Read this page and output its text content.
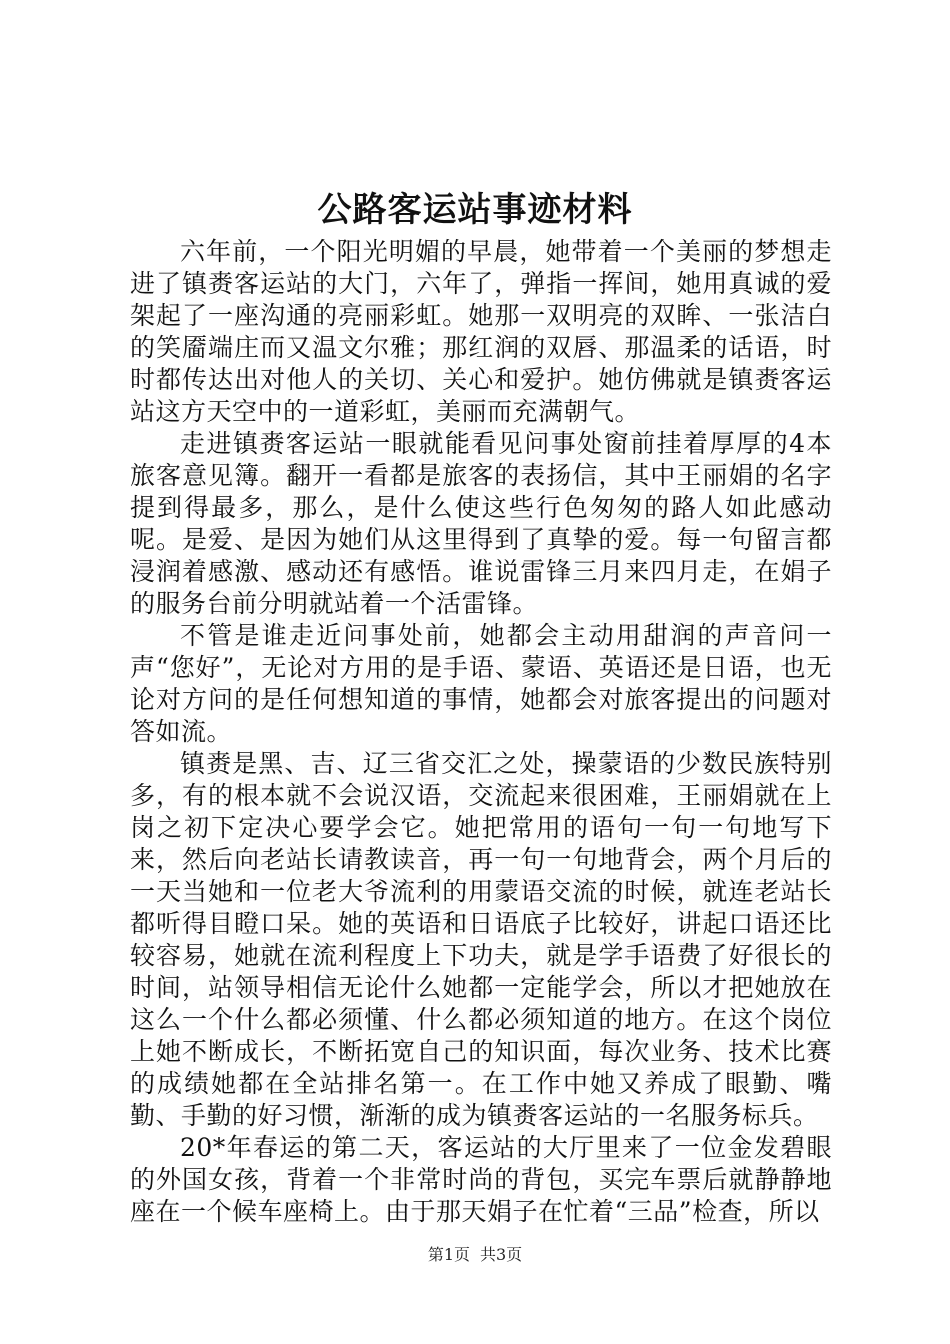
公路客运站事迹材料

六年前，一个阳光明媚的早晨，她带着一个美丽的梦想走进了镇赉客运站的大门，六年了，弹指一挥间，她用真诚的爱架起了一座沟通的亮丽彩虹。她那一双明亮的双眸、一张洁白的笑靥端庄而又温文尔雅；那红润的双唇、那温柔的话语，时时都传达出对他人的关切、关心和爱护。她仿佛就是镇赉客运站这方天空中的一道彩虹，美丽而充满朝气。

走进镇赉客运站一眼就能看见问事处窗前挂着厚厚的4本旅客意见簿。翻开一看都是旅客的表扬信，其中王丽娟的名字提到得最多，那么，是什么使这些行色匆匆的路人如此感动呢。是爱、是因为她们从这里得到了真挚的爱。每一句留言都浸润着感激、感动还有感悟。谁说雷锋三月来四月走，在娟子的服务台前分明就站着一个活雷锋。

不管是谁走近问事处前，她都会主动用甜润的声音问一声“您好”，无论对方用的是手语、蒙语、英语还是日语，也无论对方问的是任何想知道的事情，她都会对旅客提出的问题对答如流。

镇赉是黑、吉、辽三省交汇之处，操蒙语的少数民族特别多，有的根本就不会说汉语，交流起来很困难，王丽娟就在上岗之初下定决心要学会它。她把常用的语句一句一句地写下来，然后向老站长请教读音，再一句一句地背会，两个月后的一天当她和一位老大爷流利的用蒙语交流的时候，就连老站长都听得目瞪口呆。她的英语和日语底子比较好，讲起口语还比较容易，她就在流利程度上下功夫，就是学手语费了好很长的时间，站领导相信无论什么她都一定能学会，所以才把她放在这么一个什么都必须懂、什么都必须知道的地方。在这个岗位上她不断成长，不断拓宽自己的知识面，每次业务、技术比赛的成绩她都在全站排名第一。在工作中她又养成了眼勤、嘴勤、手勤的好习惯，渐渐的成为镇赉客运站的一名服务标兵。

20*年春运的第二天，客运站的大厅里来了一位金发碧眼的外国女孩，背着一个非常时尚的背包，买完车票后就静静地座在一个候车座椅上。由于那天娟子在忙着“三品”检查，所以

第1页 共3页
